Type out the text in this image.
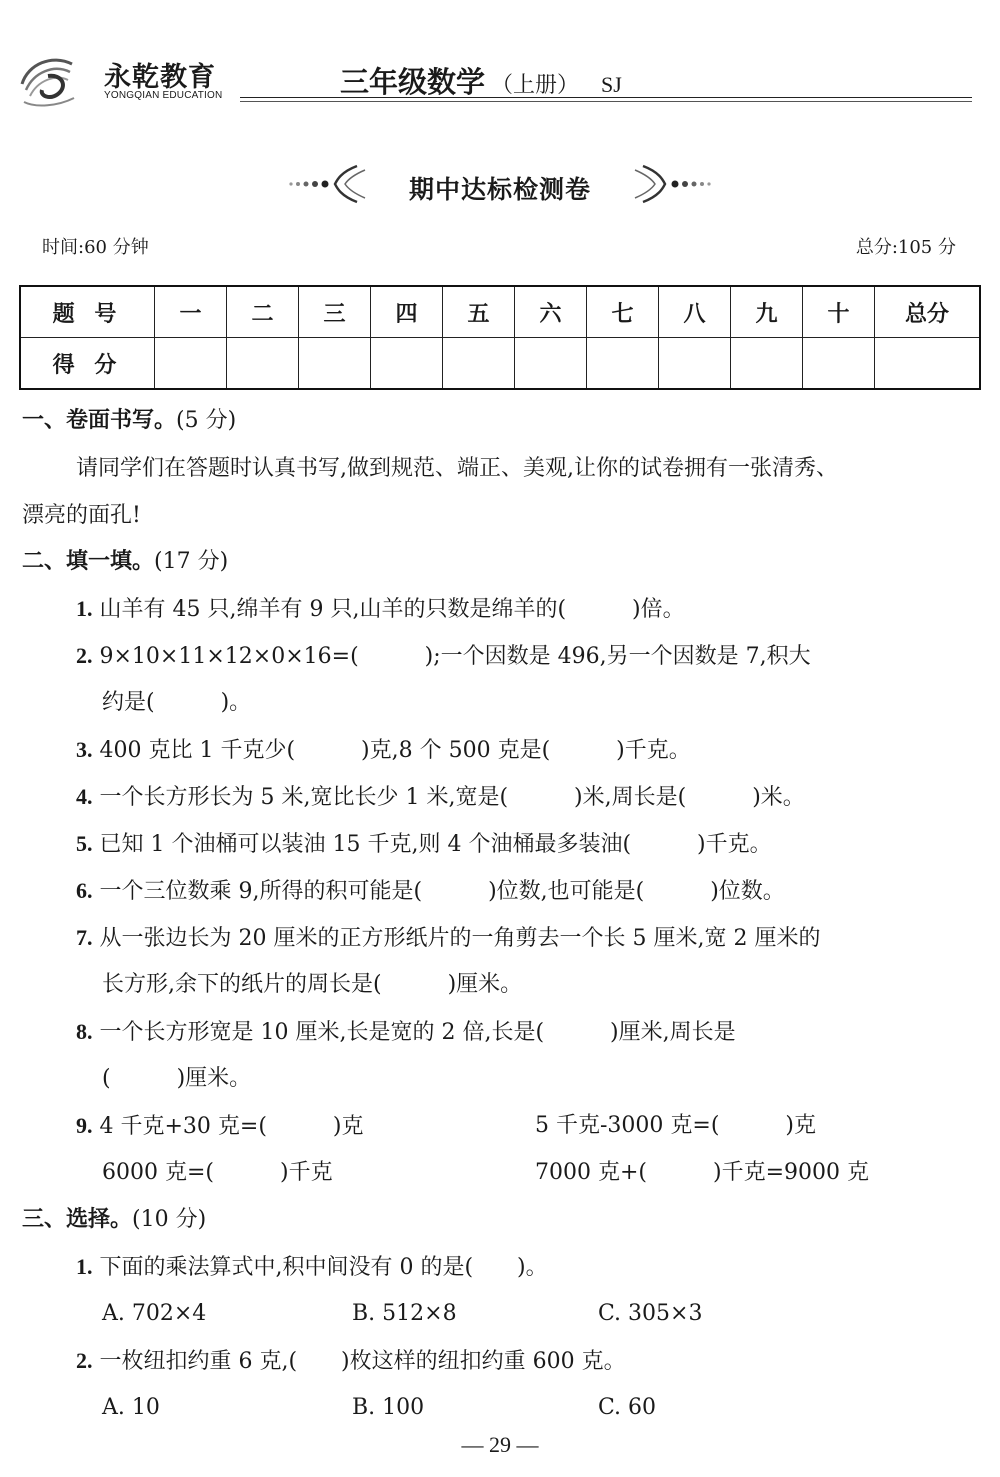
永乾教育
YONGQIAN EDUCATION	三年级数学 （上册） SJ
期中达标检测卷
时间:60 分钟	总分:105 分
题 号	一	二	三	四	五	六	七	八	九	十	总分
得 分											
一、卷面书写。(5 分)
请同学们在答题时认真书写,做到规范、端正、美观,让你的试卷拥有一张清秀、
漂亮的面孔!
二、填一填。(17 分)
1. 山羊有 45 只,绵羊有 9 只,山羊的只数是绵羊的(　　　)倍。
2. 9×10×11×12×0×16=(　　　);一个因数是 496,另一个因数是 7,积大
约是(　　　)。
3. 400 克比 1 千克少(　　　)克,8 个 500 克是(　　　)千克。
4. 一个长方形长为 5 米,宽比长少 1 米,宽是(　　　)米,周长是(　　　)米。
5. 已知 1 个油桶可以装油 15 千克,则 4 个油桶最多装油(　　　)千克。
6. 一个三位数乘 9,所得的积可能是(　　　)位数,也可能是(　　　)位数。
7. 从一张边长为 20 厘米的正方形纸片的一角剪去一个长 5 厘米,宽 2 厘米的
长方形,余下的纸片的周长是(　　　)厘米。
8. 一个长方形宽是 10 厘米,长是宽的 2 倍,长是(　　　)厘米,周长是
(　　　)厘米。
9. 4 千克+30 克=(　　　)克	5 千克-3000 克=(　　　)克
6000 克=(　　　)千克	7000 克+(　　　)千克=9000 克
三、选择。(10 分)
1. 下面的乘法算式中,积中间没有 0 的是(　　)。
A. 702×4	B. 512×8	C. 305×3
2. 一枚纽扣约重 6 克,(　　)枚这样的纽扣约重 600 克。
A. 10	B. 100	C. 60
— 29 —
